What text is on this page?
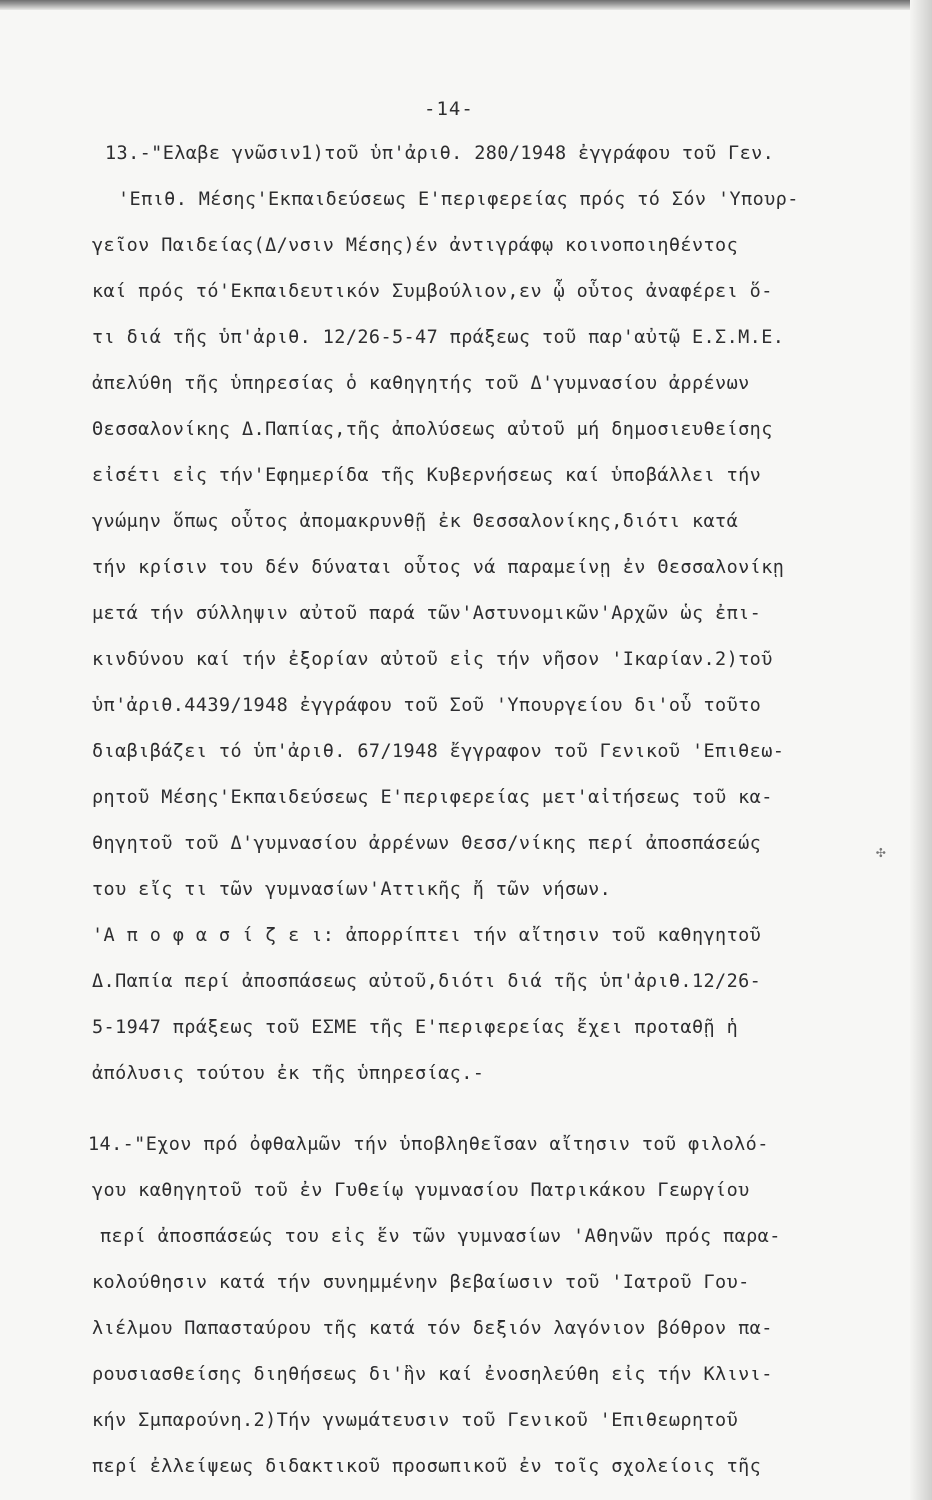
-14-
13.-"Ελαβε γνῶσιν1)τοῦ ὑπ'ἀριθ. 280/1948 ἐγγράφου τοῦ Γεν.
'Επιθ. Μέσης'Εκπαιδεύσεως Ε'περιφερείας πρός τό Σόν 'Υπουρ-
γεῖον Παιδείας(Δ/νσιν Μέσης)έν ἀντιγράφῳ κοινοποιηθέντος
καί πρός τό'Εκπαιδευτικόν Συμβούλιον,εν ᾧ οὗτος ἀναφέρει ὅ-
τι διά τῆς ὑπ'ἀριθ. 12/26-5-47 πράξεως τοῦ παρ'αὐτῷ Ε.Σ.Μ.Ε.
ἀπελύθη τῆς ὑπηρεσίας ὁ καθηγητής τοῦ Δ'γυμνασίου ἀρρένων
Θεσσαλονίκης Δ.Παπίας,τῆς ἀπολύσεως αὐτοῦ μή δημοσιευθείσης
εἰσέτι εἰς τήν'Εφημερίδα τῆς Κυβερνήσεως καί ὑποβάλλει τήν
γνώμην ὅπως οὗτος ἀπομακρυνθῇ ἐκ Θεσσαλονίκης,διότι κατά
τήν κρίσιν του δέν δύναται οὗτος νά παραμείνῃ ἐν Θεσσαλονίκῃ
μετά τήν σύλληψιν αὐτοῦ παρά τῶν'Αστυνομικῶν'Αρχῶν ὡς ἐπι-
κινδύνου καί τήν ἐξορίαν αὐτοῦ εἰς τήν νῆσον 'Ικαρίαν.2)τοῦ
ὑπ'ἀριθ.4439/1948 ἐγγράφου τοῦ Σοῦ 'Υπουργείου δι'οὗ τοῦτο
διαβιβάζει τό ὑπ'ἀριθ. 67/1948 ἔγγραφον τοῦ Γενικοῦ 'Επιθεω-
ρητοῦ Μέσης'Εκπαιδεύσεως Ε'περιφερείας μετ'αἰτήσεως τοῦ κα-
θηγητοῦ τοῦ Δ'γυμνασίου ἀρρένων Θεσσ/νίκης περί ἀποσπάσεώς
του εἴς τι τῶν γυμνασίων'Αττικῆς ἤ τῶν νήσων.
'Α π ο φ α σ ί ζ ε ι: ἀπορρίπτει τήν αἴτησιν τοῦ καθηγητοῦ
Δ.Παπία περί ἀποσπάσεως αὐτοῦ,διότι διά τῆς ὑπ'ἀριθ.12/26-
5-1947 πράξεως τοῦ ΕΣΜΕ τῆς Ε'περιφερείας ἔχει προταθῇ ἡ
ἀπόλυσις τούτου ἐκ τῆς ὑπηρεσίας.-
14.-"Εχον πρό ὀφθαλμῶν τήν ὑποβληθεῖσαν αἴτησιν τοῦ φιλολό-
γου καθηγητοῦ τοῦ ἐν Γυθείῳ γυμνασίου Πατρικάκου Γεωργίου
περί ἀποσπάσεώς του εἰς ἕν τῶν γυμνασίων 'Αθηνῶν πρός παρα-
κολούθησιν κατά τήν συνημμένην βεβαίωσιν τοῦ 'Ιατροῦ Γου-
λιέλμου Παπασταύρου τῆς κατά τόν δεξιόν λαγόνιον βόθρον πα-
ρουσιασθείσης διηθήσεως δι'ἣν καί ἐνοσηλεύθη εἰς τήν Κλινι-
κήν Σμπαρούνη.2)Τήν γνωμάτευσιν τοῦ Γενικοῦ 'Επιθεωρητοῦ
περί ἐλλείψεως διδακτικοῦ προσωπικοῦ ἐν τοῖς σχολείοις τῆς
✣
